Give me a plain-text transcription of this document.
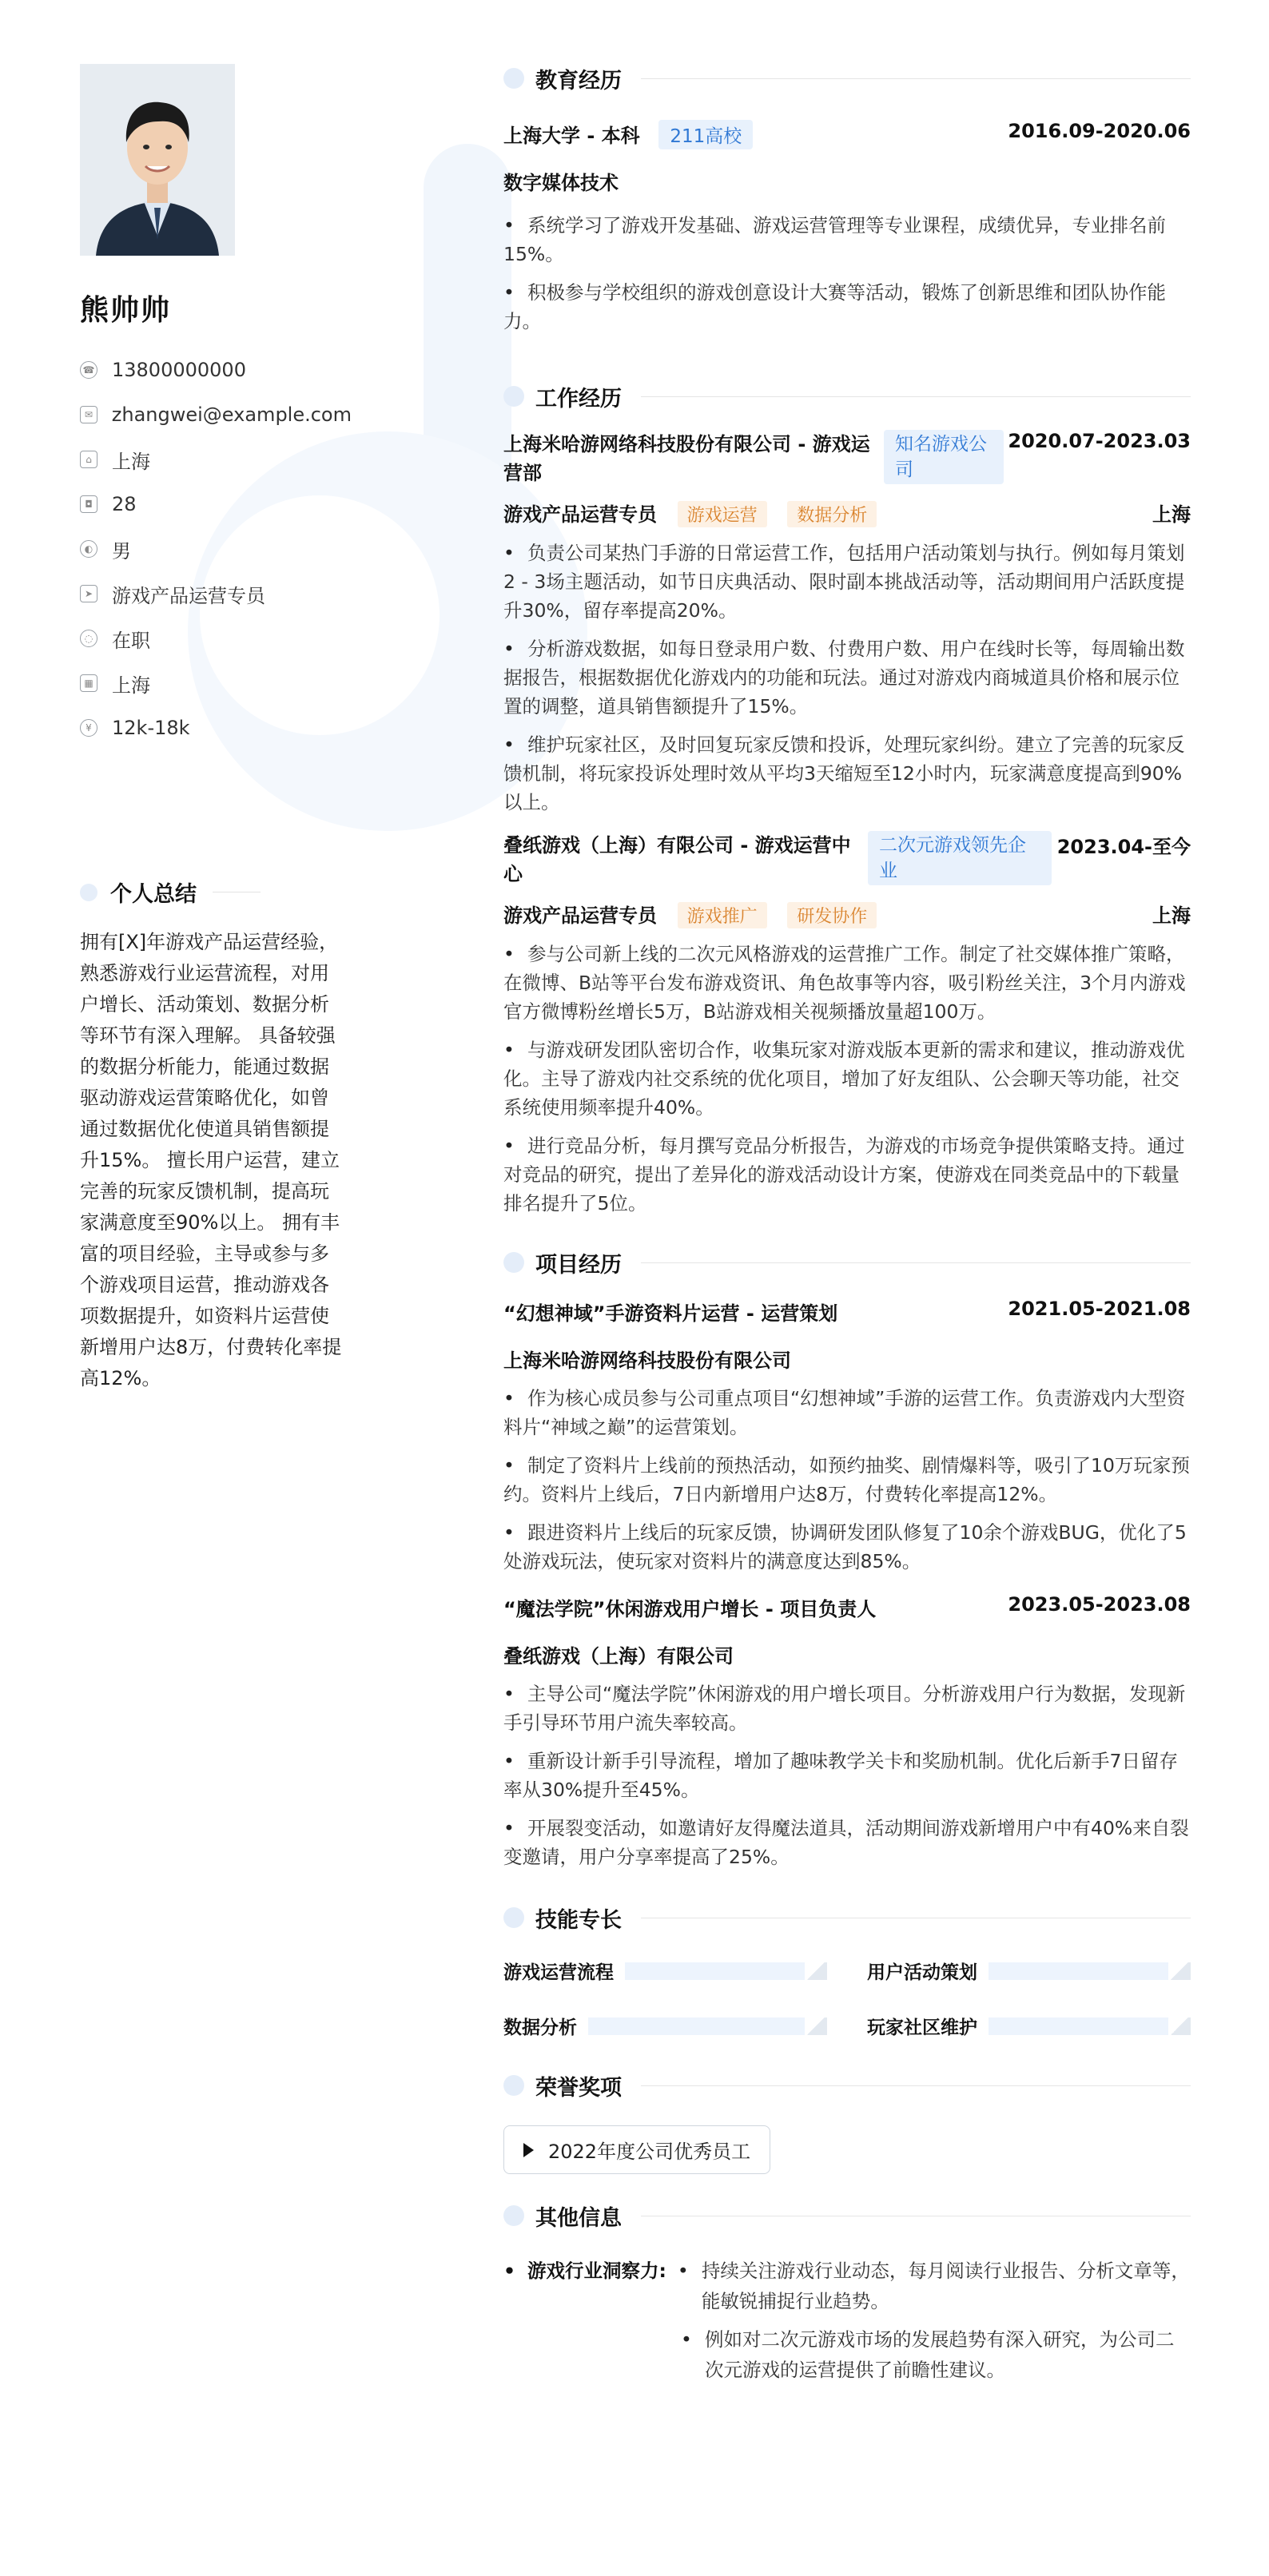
熊帅帅
☎ 13800000000
✉ zhangwei@example.com
⌂ 上海
◘ 28
◐ 男
➤ 游戏产品运营专员
◌ 在职
▦ 上海
¥ 12k-18k
个人总结

拥有[X]年游戏产品运营经验，熟悉游戏行业运营流程，对用户增长、活动策划、数据分析等环节有深入理解。 具备较强的数据分析能力，能通过数据驱动游戏运营策略优化，如曾通过数据优化使道具销售额提升15%。 擅长用户运营，建立完善的玩家反馈机制，提高玩家满意度至90%以上。 拥有丰富的项目经验，主导或参与多个游戏项目运营，推动游戏各项数据提升，如资料片运营使新增用户达8万，付费转化率提高12%。

教育经历
上海大学 - 本科 211高校	2016.09-2020.06
数字媒体技术
• 系统学习了游戏开发基础、游戏运营管理等专业课程，成绩优异，专业排名前15%。
• 积极参与学校组织的游戏创意设计大赛等活动，锻炼了创新思维和团队协作能力。
工作经历
上海米哈游网络科技股份有限公司 - 游戏运营部
知名游戏公司
2020.07-2023.03
游戏产品运营专员 游戏运营 数据分析	上海
• 负责公司某热门手游的日常运营工作，包括用户活动策划与执行。例如每月策划2 - 3场主题活动，如节日庆典活动、限时副本挑战活动等，活动期间用户活跃度提升30%，留存率提高20%。
• 分析游戏数据，如每日登录用户数、付费用户数、用户在线时长等，每周输出数据报告，根据数据优化游戏内的功能和玩法。通过对游戏内商城道具价格和展示位置的调整，道具销售额提升了15%。
• 维护玩家社区，及时回复玩家反馈和投诉，处理玩家纠纷。建立了完善的玩家反馈机制，将玩家投诉处理时效从平均3天缩短至12小时内，玩家满意度提高到90%以上。
叠纸游戏（上海）有限公司 - 游戏运营中心
二次元游戏领先企业
2023.04-至今
游戏产品运营专员 游戏推广 研发协作	上海
• 参与公司新上线的二次元风格游戏的运营推广工作。制定了社交媒体推广策略，在微博、B站等平台发布游戏资讯、角色故事等内容，吸引粉丝关注，3个月内游戏官方微博粉丝增长5万，B站游戏相关视频播放量超100万。
• 与游戏研发团队密切合作，收集玩家对游戏版本更新的需求和建议，推动游戏优化。主导了游戏内社交系统的优化项目，增加了好友组队、公会聊天等功能，社交系统使用频率提升40%。
• 进行竞品分析，每月撰写竞品分析报告，为游戏的市场竞争提供策略支持。通过对竞品的研究，提出了差异化的游戏活动设计方案，使游戏在同类竞品中的下载量排名提升了5位。
项目经历
“幻想神域”手游资料片运营 - 运营策划	2021.05-2021.08
上海米哈游网络科技股份有限公司
• 作为核心成员参与公司重点项目“幻想神域”手游的运营工作。负责游戏内大型资料片“神域之巅”的运营策划。
• 制定了资料片上线前的预热活动，如预约抽奖、剧情爆料等，吸引了10万玩家预约。资料片上线后，7日内新增用户达8万，付费转化率提高12%。
• 跟进资料片上线后的玩家反馈，协调研发团队修复了10余个游戏BUG，优化了5处游戏玩法，使玩家对资料片的满意度达到85%。
“魔法学院”休闲游戏用户增长 - 项目负责人	2023.05-2023.08
叠纸游戏（上海）有限公司
• 主导公司“魔法学院”休闲游戏的用户增长项目。分析游戏用户行为数据，发现新手引导环节用户流失率较高。
• 重新设计新手引导流程，增加了趣味教学关卡和奖励机制。优化后新手7日留存率从30%提升至45%。
• 开展裂变活动，如邀请好友得魔法道具，活动期间游戏新增用户中有40%来自裂变邀请，用户分享率提高了25%。
技能专长
游戏运营流程	用户活动策划
数据分析	玩家社区维护
荣誉奖项
2022年度公司优秀员工
其他信息
• 游戏行业洞察力:
• 持续关注游戏行业动态，每月阅读行业报告、分析文章等，能敏锐捕捉行业趋势。
• 例如对二次元游戏市场的发展趋势有深入研究，为公司二次元游戏的运营提供了前瞻性建议。
